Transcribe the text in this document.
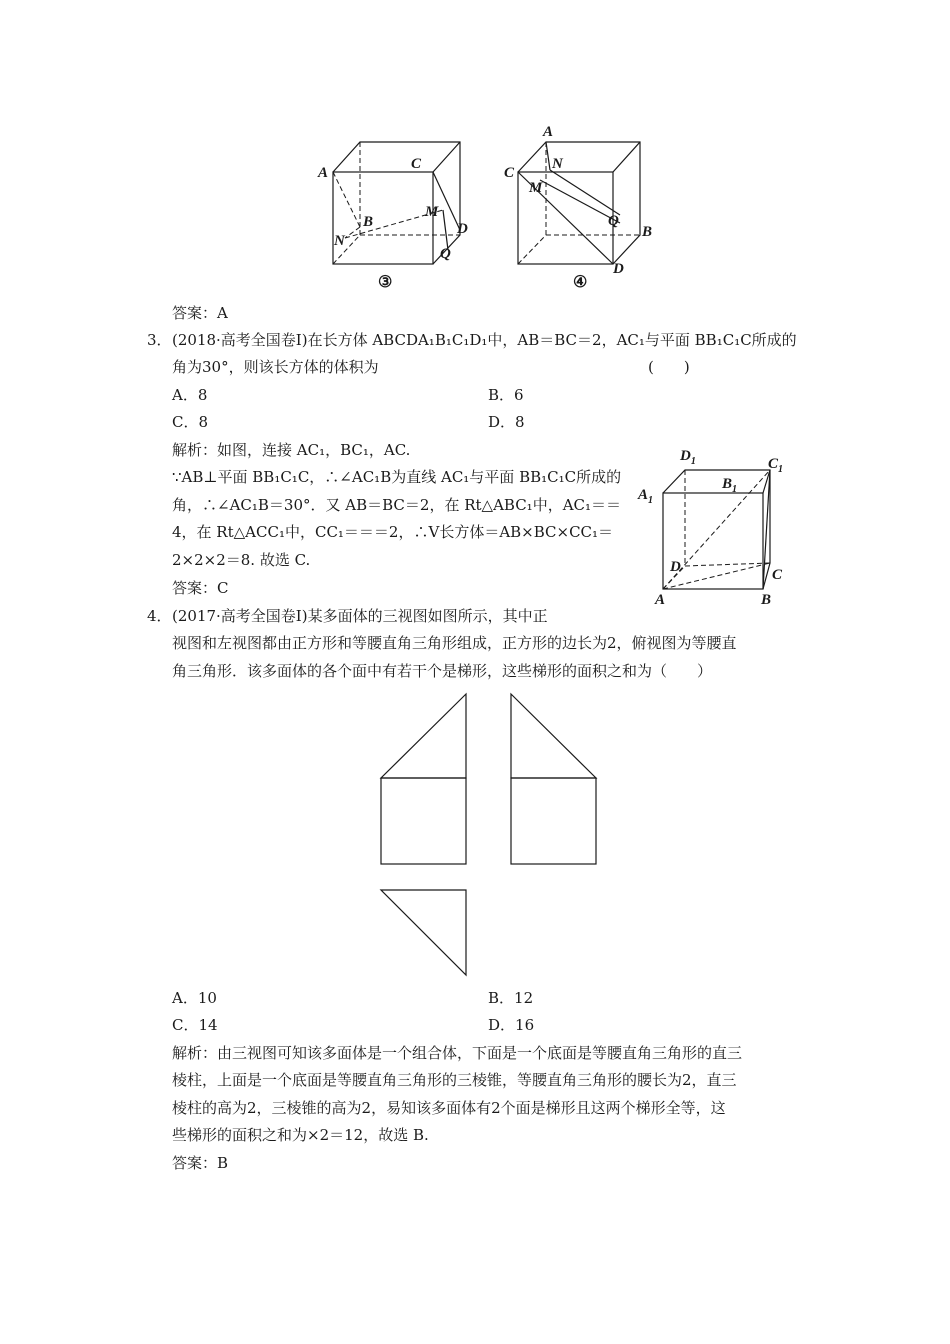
A
C
B
M
D
N
Q
③
A
C
N
M
Q
B
D
④
答案：A
3． (2018·高考全国卷Ⅰ)在长方体 ABCDA₁B₁C₁D₁中，AB＝BC＝2，AC₁与平面 BB₁C₁C所成的
角为30°，则该长方体的体积为	(　　)
A．8	B．6
C．8	D．8
解析：如图，连接 AC₁，BC₁，AC.
∵AB⊥平面 BB₁C₁C，∴∠AC₁B为直线 AC₁与平面 BB₁C₁C所成的
角，∴∠AC₁B＝30°．又 AB＝BC＝2，在 Rt△ABC₁中，AC₁＝＝
4，在 Rt△ACC₁中，CC₁＝＝＝2，∴V长方体＝AB×BC×CC₁＝
2×2×2＝8. 故选 C.
答案：C
$D_1$	$C_1$
$A_1$
$B_1$
D	C
A	B
4． (2017·高考全国卷Ⅰ)某多面体的三视图如图所示，其中正
视图和左视图都由正方形和等腰直角三角形组成，正方形的边长为2，俯视图为等腰直
角三角形．该多面体的各个面中有若干个是梯形，这些梯形的面积之和为（　　）
A．10	B．12
C．14	D．16
解析：由三视图可知该多面体是一个组合体，下面是一个底面是等腰直角三角形的直三
棱柱，上面是一个底面是等腰直角三角形的三棱锥，等腰直角三角形的腰长为2，直三
棱柱的高为2，三棱锥的高为2，易知该多面体有2个面是梯形且这两个梯形全等，这
些梯形的面积之和为×2＝12，故选 B.
答案：B
